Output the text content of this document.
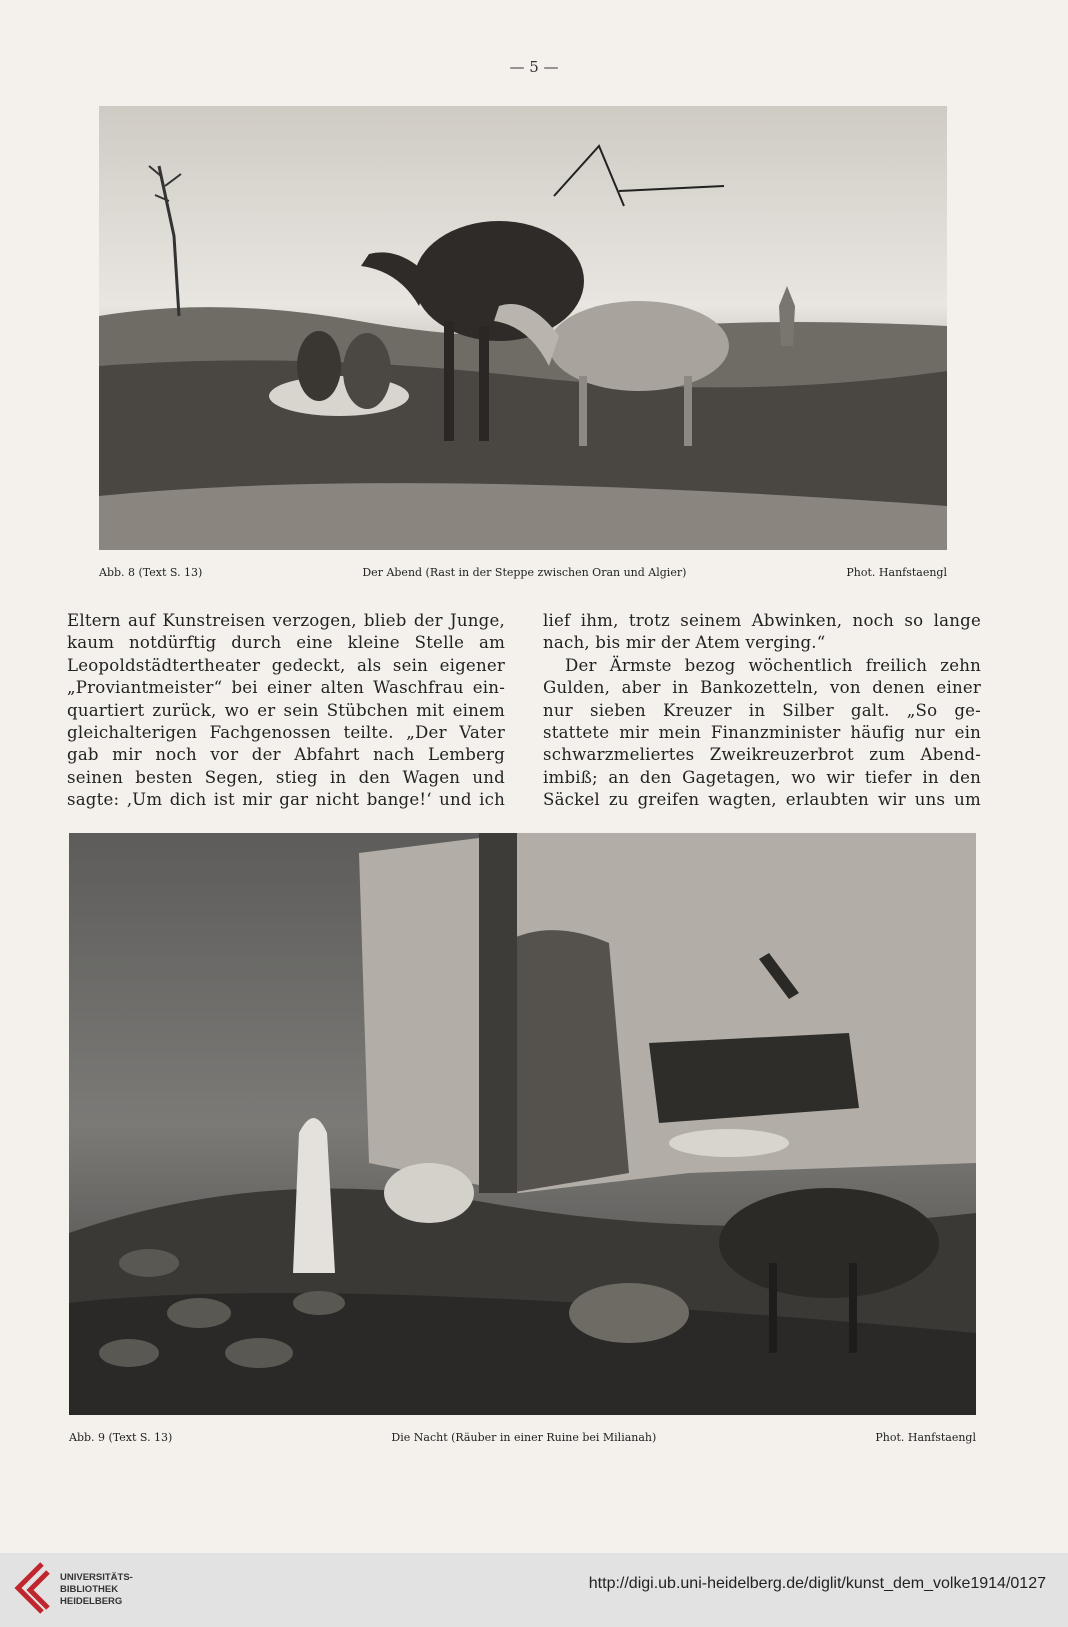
— 5 —
Abb. 8 (Text S. 13)	Der Abend (Rast in der Steppe zwischen Oran und Algier)	Phot. Hanfstaengl
Eltern auf Kunstreisen verzogen, blieb der Junge,
kaum notdürftig durch eine kleine Stelle am
Leopoldstädtertheater gedeckt, als sein eigener
„Proviantmeister“ bei einer alten Waschfrau ein-
quartiert zurück, wo er sein Stübchen mit einem
gleichalterigen Fachgenossen teilte. „Der Vater
gab mir noch vor der Abfahrt nach Lemberg
seinen besten Segen, stieg in den Wagen und
sagte: ‚Um dich ist mir gar nicht bange!‘ und ich
lief ihm, trotz seinem Abwinken, noch so lange
nach, bis mir der Atem verging.“
Der Ärmste bezog wöchentlich freilich zehn
Gulden, aber in Bankozetteln, von denen einer
nur sieben Kreuzer in Silber galt. „So ge-
stattete mir mein Finanzminister häufig nur ein
schwarzmeliertes Zweikreuzerbrot zum Abend-
imbiß; an den Gagetagen, wo wir tiefer in den
Säckel zu greifen wagten, erlaubten wir uns um
Abb. 9 (Text S. 13)	Die Nacht (Räuber in einer Ruine bei Milianah)	Phot. Hanfstaengl
UNIVERSITÄTS-
BIBLIOTHEK
HEIDELBERG
http://digi.ub.uni-heidelberg.de/diglit/kunst_dem_volke1914/0127
